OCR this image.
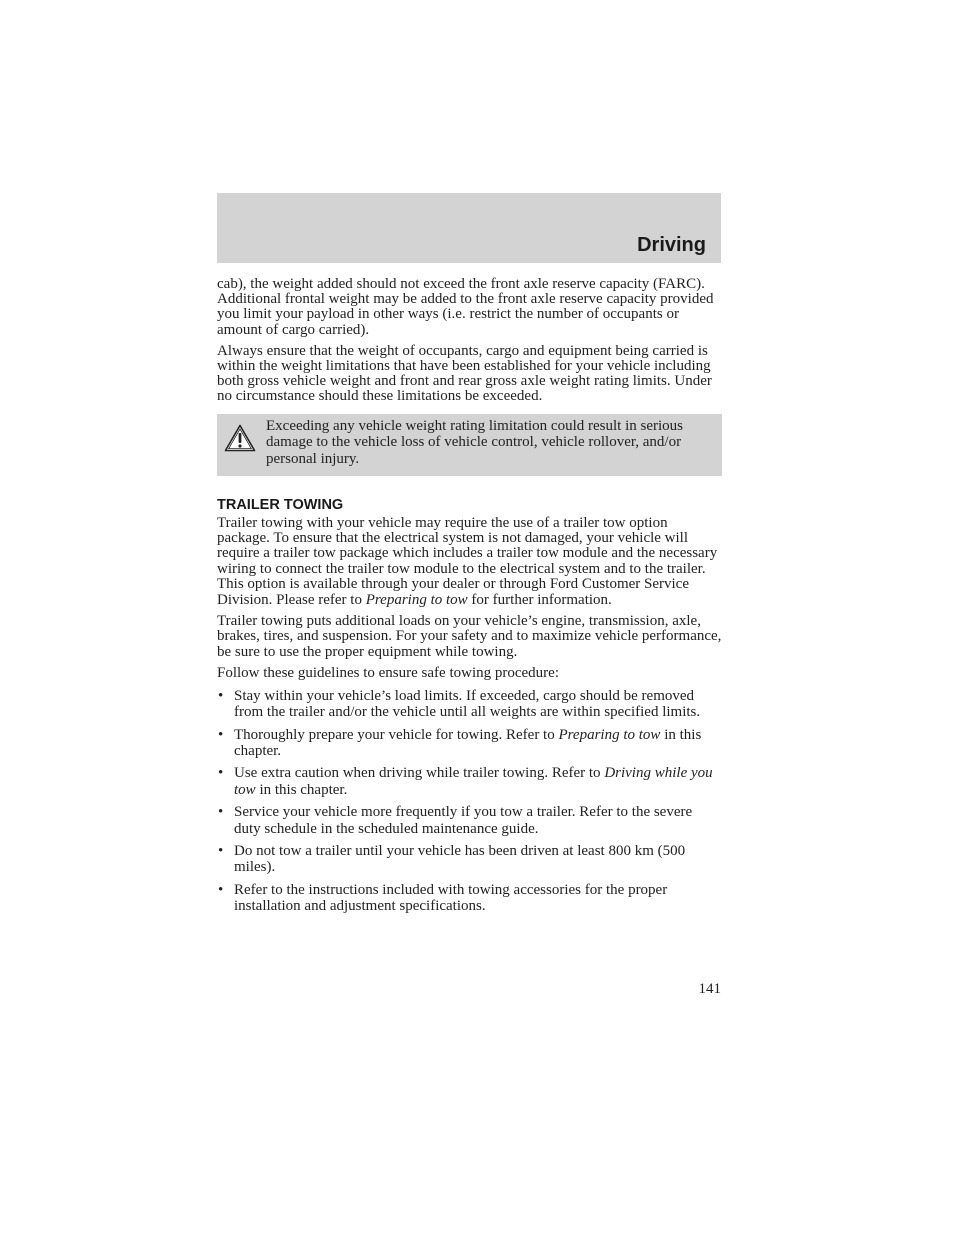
Driving

cab), the weight added should not exceed the front axle reserve capacity (FARC). Additional frontal weight may be added to the front axle reserve capacity provided you limit your payload in other ways (i.e. restrict the number of occupants or amount of cargo carried).

Always ensure that the weight of occupants, cargo and equipment being carried is within the weight limitations that have been established for your vehicle including both gross vehicle weight and front and rear gross axle weight rating limits. Under no circumstance should these limitations be exceeded.

Exceeding any vehicle weight rating limitation could result in serious damage to the vehicle loss of vehicle control, vehicle rollover, and/or personal injury.
TRAILER TOWING

Trailer towing with your vehicle may require the use of a trailer tow option package. To ensure that the electrical system is not damaged, your vehicle will require a trailer tow package which includes a trailer tow module and the necessary wiring to connect the trailer tow module to the electrical system and to the trailer. This option is available through your dealer or through Ford Customer Service Division. Please refer to Preparing to tow for further information.

Trailer towing puts additional loads on your vehicle’s engine, transmission, axle, brakes, tires, and suspension. For your safety and to maximize vehicle performance, be sure to use the proper equipment while towing.

Follow these guidelines to ensure safe towing procedure:

• Stay within your vehicle’s load limits. If exceeded, cargo should be removed from the trailer and/or the vehicle until all weights are within specified limits.
• Thoroughly prepare your vehicle for towing. Refer to Preparing to tow in this chapter.
• Use extra caution when driving while trailer towing. Refer to Driving while you tow in this chapter.
• Service your vehicle more frequently if you tow a trailer. Refer to the severe duty schedule in the scheduled maintenance guide.
• Do not tow a trailer until your vehicle has been driven at least 800 km (500 miles).
• Refer to the instructions included with towing accessories for the proper installation and adjustment specifications.
141
